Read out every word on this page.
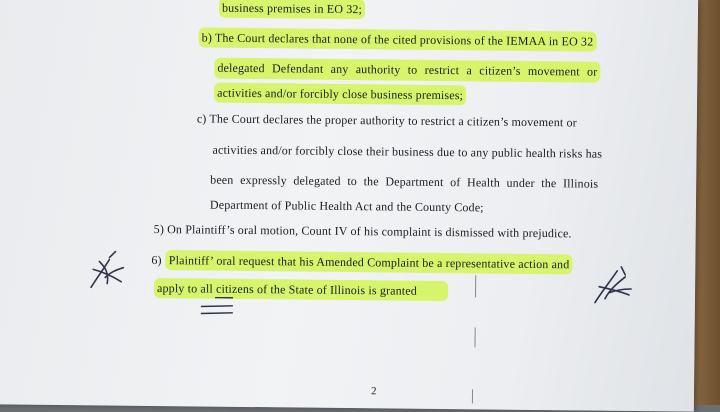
business premises in EO 32;
b) The Court declares that none of the cited provisions of the IEMAA in EO 32
delegated Defendant any authority to restrict a citizen’s movement or
activities and/or forcibly close business premises;
c) The Court declares the proper authority to restrict a citizen’s movement or
activities and/or forcibly close their business due to any public health risks has
been expressly delegated to the Department of Health under the Illinois
Department of Public Health Act and the County Code;
5) On Plaintiff’s oral motion, Count IV of his complaint is dismissed with prejudice.
6) Plaintiff’ oral request that his Amended Complaint be a representative action and
apply to all citizens of the State of Illinois is granted
2
